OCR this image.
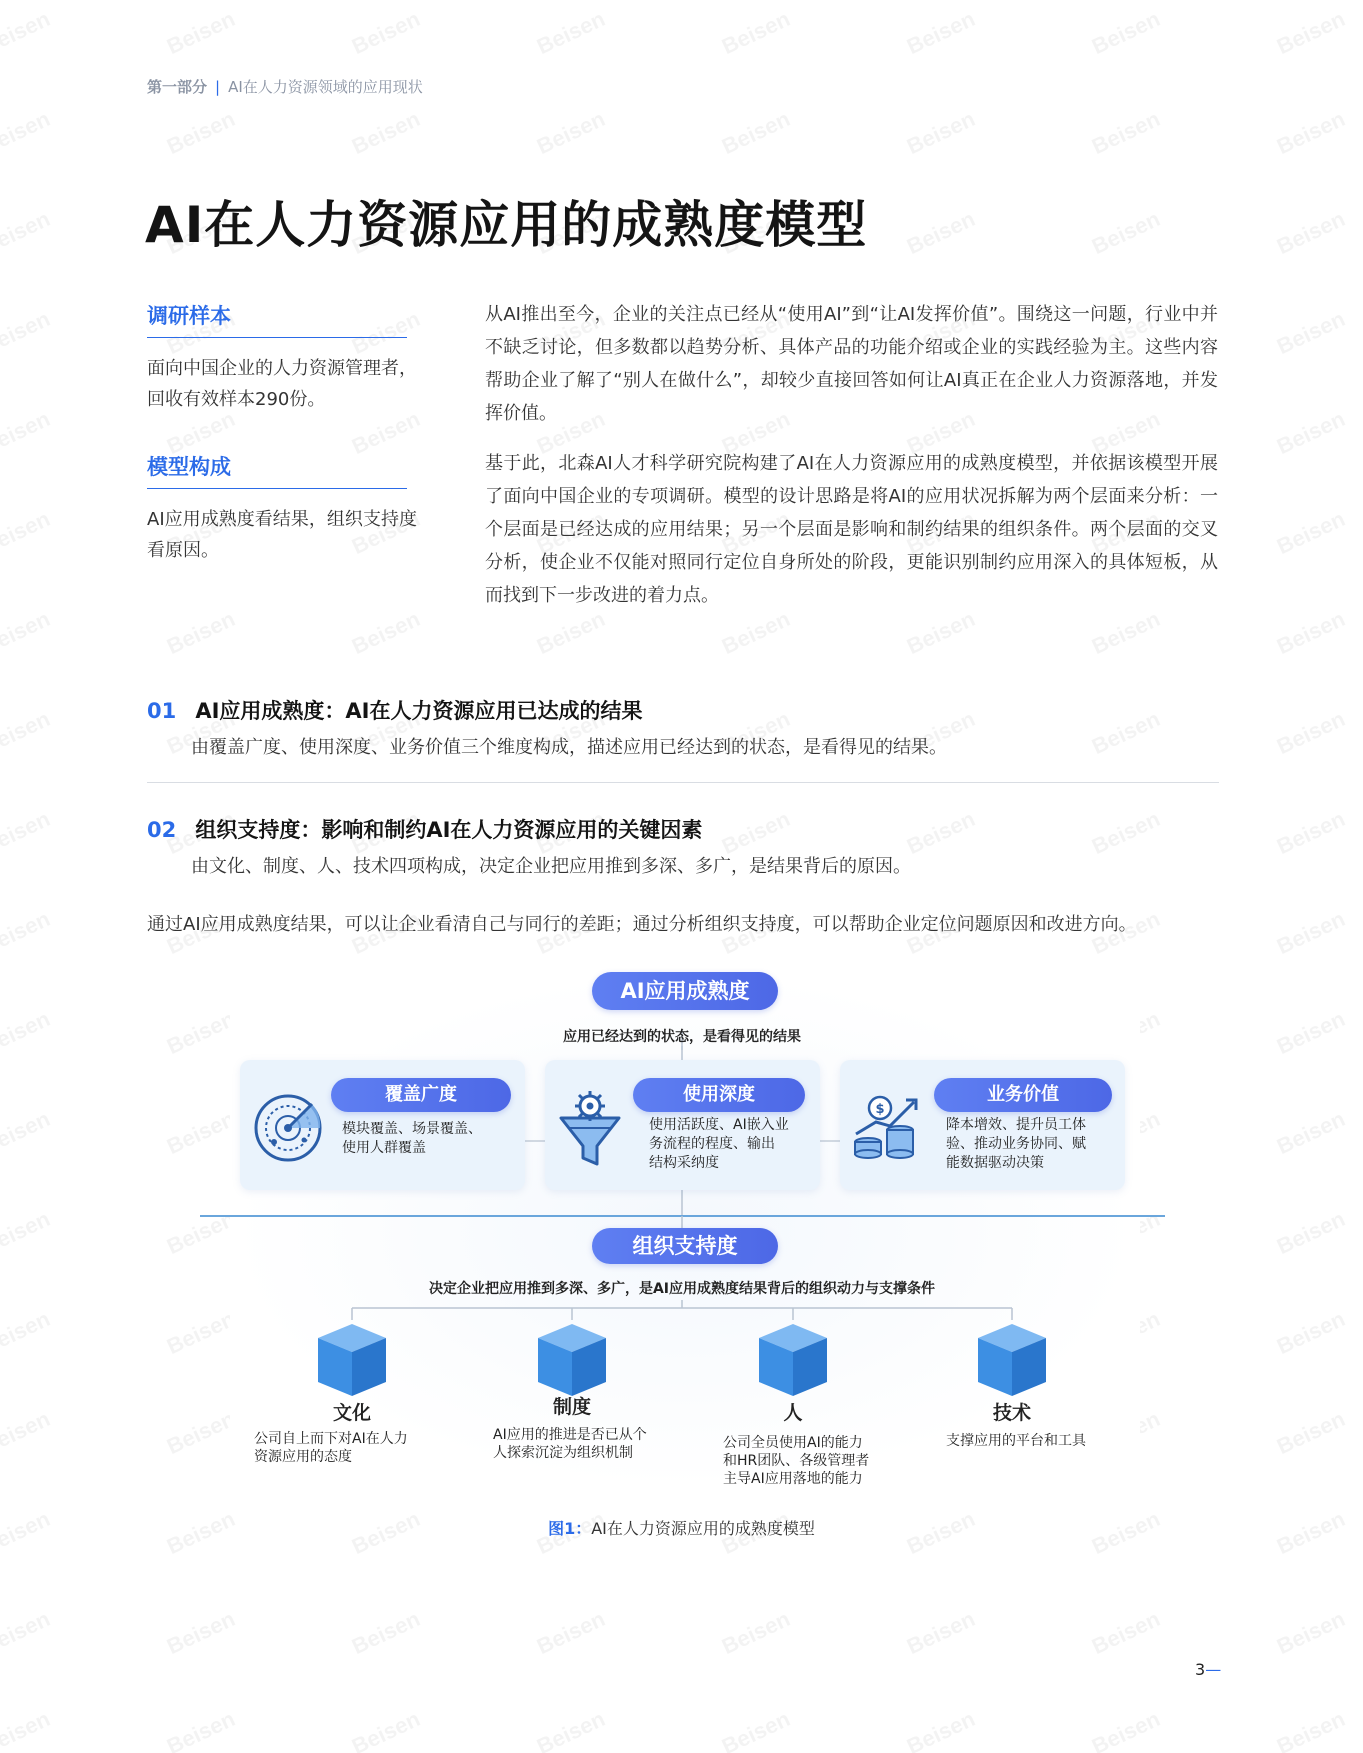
第一部分 | AI在人力资源领域的应用现状
AI在人力资源应用的成熟度模型
调研样本
面向中国企业的人力资源管理者，回收有效样本290份。
模型构成
AI应用成熟度看结果，组织支持度看原因。
从AI推出至今，企业的关注点已经从“使用AI”到“让AI发挥价值”。围绕这一问题，行业中并不缺乏讨论，但多数都以趋势分析、具体产品的功能介绍或企业的实践经验为主。这些内容帮助企业了解了“别人在做什么”，却较少直接回答如何让AI真正在企业人力资源落地，并发挥价值。
基于此，北森AI人才科学研究院构建了AI在人力资源应用的成熟度模型，并依据该模型开展了面向中国企业的专项调研。模型的设计思路是将AI的应用状况拆解为两个层面来分析：一个层面是已经达成的应用结果；另一个层面是影响和制约结果的组织条件。两个层面的交叉分析，使企业不仅能对照同行定位自身所处的阶段，更能识别制约应用深入的具体短板，从而找到下一步改进的着力点。
01 AI应用成熟度：AI在人力资源应用已达成的结果
由覆盖广度、使用深度、业务价值三个维度构成，描述应用已经达到的状态，是看得见的结果。
02 组织支持度：影响和制约AI在人力资源应用的关键因素
由文化、制度、人、技术四项构成，决定企业把应用推到多深、多广，是结果背后的原因。
通过AI应用成熟度结果，可以让企业看清自己与同行的差距；通过分析组织支持度，可以帮助企业定位问题原因和改进方向。
AI应用成熟度
应用已经达到的状态，是看得见的结果
覆盖广度
模块覆盖、场景覆盖、
使用人群覆盖
使用深度
使用活跃度、AI嵌入业
务流程的程度、输出
结构采纳度
$
业务价值
降本增效、提升员工体
验、推动业务协同、赋
能数据驱动决策
组织支持度
决定企业把应用推到多深、多广，是AI应用成熟度结果背后的组织动力与支撑条件
文化
公司自上而下对AI在人力
资源应用的态度
制度
AI应用的推进是否已从个
人探索沉淀为组织机制
人
公司全员使用AI的能力
和HR团队、各级管理者
主导AI应用落地的能力
技术
支撑应用的平台和工具
图1：AI在人力资源应用的成熟度模型
3—
